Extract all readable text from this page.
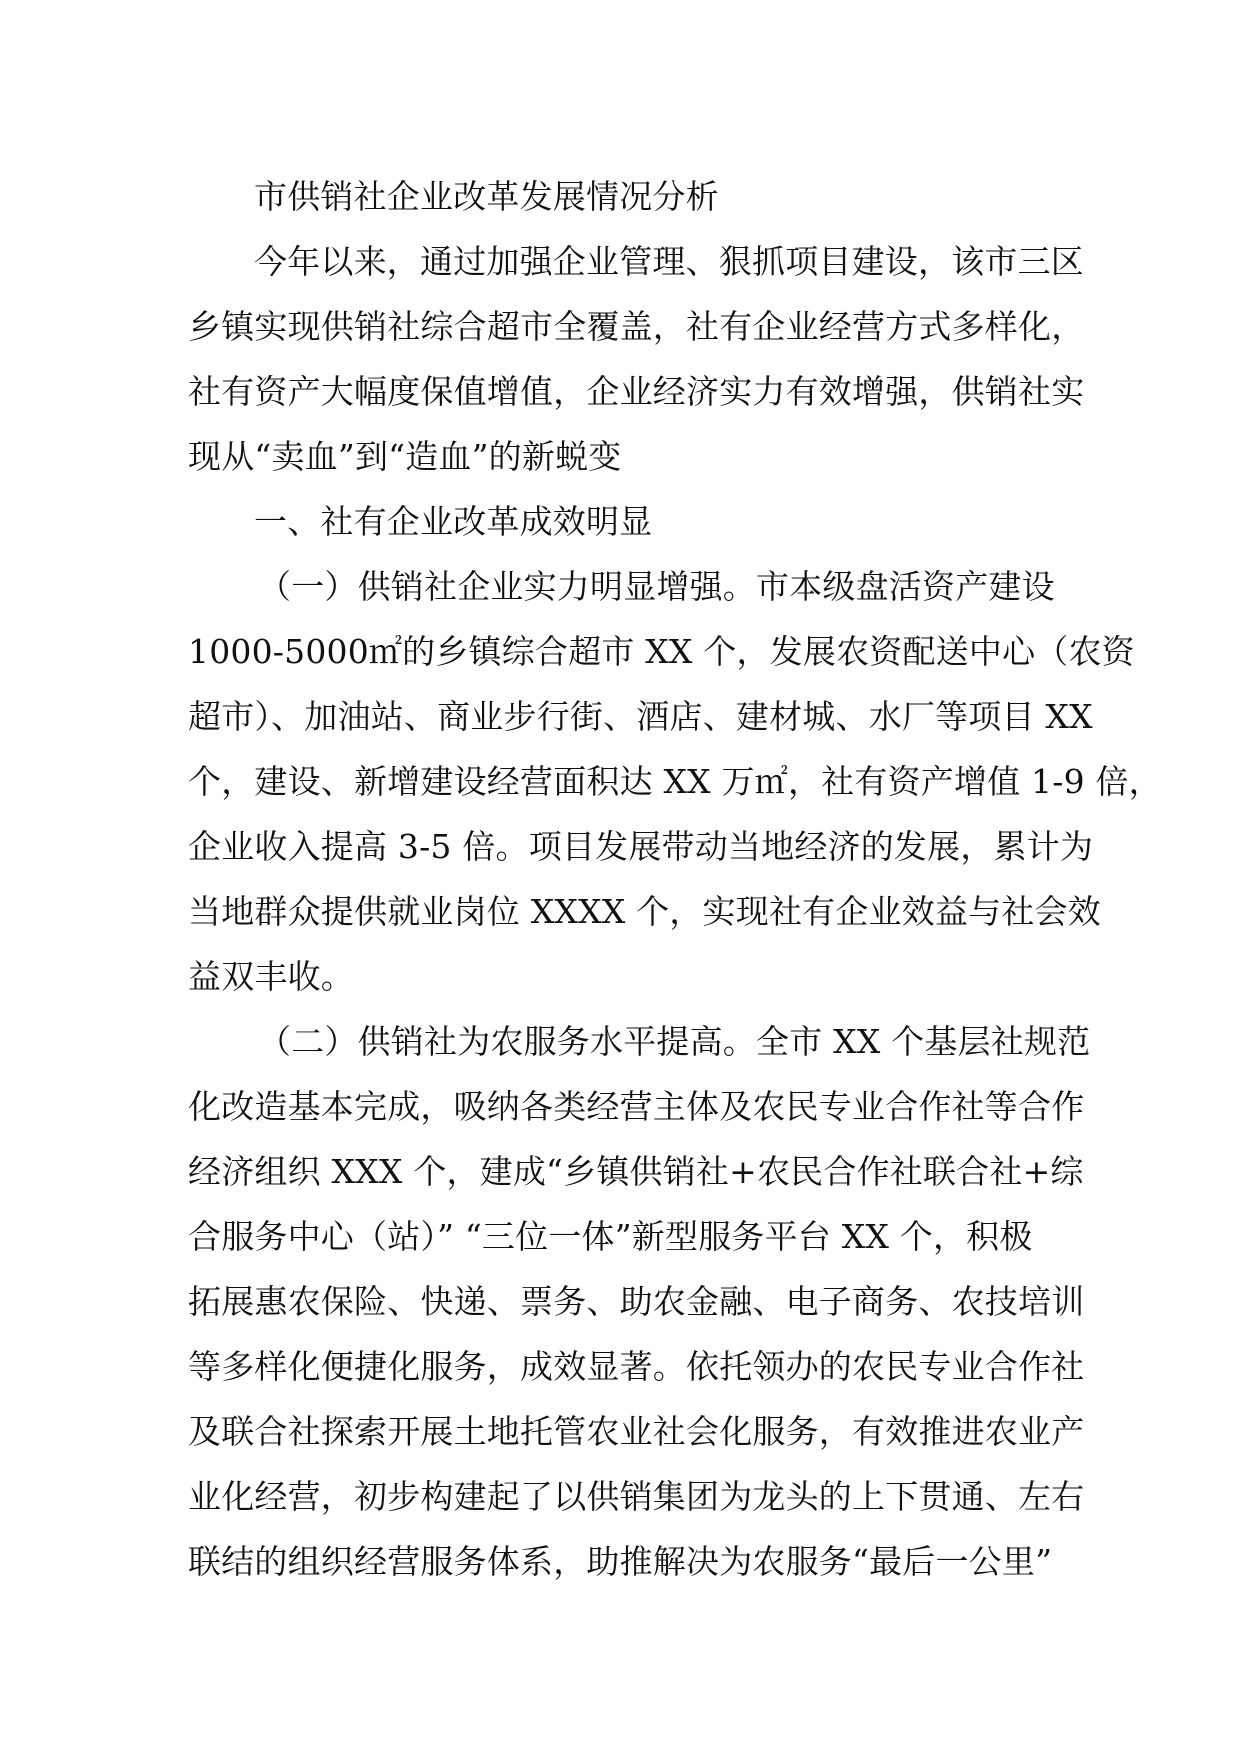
市供销社企业改革发展情况分析
今年以来，通过加强企业管理、狠抓项目建设，该市三区
乡镇实现供销社综合超市全覆盖，社有企业经营方式多样化，
社有资产大幅度保值增值，企业经济实力有效增强，供销社实
现从“卖血”到“造血”的新蜕变
一、社有企业改革成效明显
（一）供销社企业实力明显增强。市本级盘活资产建设
1000-5000㎡的乡镇综合超市 XX 个，发展农资配送中心（农资
超市）、加油站、商业步行街、酒店、建材城、水厂等项目 XX
个，建设、新增建设经营面积达 XX 万㎡，社有资产增值 1-9 倍，
企业收入提高 3-5 倍。项目发展带动当地经济的发展，累计为
当地群众提供就业岗位 XXXX 个，实现社有企业效益与社会效
益双丰收。
（二）供销社为农服务水平提高。全市 XX 个基层社规范
化改造基本完成，吸纳各类经营主体及农民专业合作社等合作
经济组织 XXX 个，建成“乡镇供销社+农民合作社联合社+综
合服务中心（站）” “三位一体”新型服务平台 XX 个，积极
拓展惠农保险、快递、票务、助农金融、电子商务、农技培训
等多样化便捷化服务，成效显著。依托领办的农民专业合作社
及联合社探索开展土地托管农业社会化服务，有效推进农业产
业化经营，初步构建起了以供销集团为龙头的上下贯通、左右
联结的组织经营服务体系，助推解决为农服务“最后一公里”
